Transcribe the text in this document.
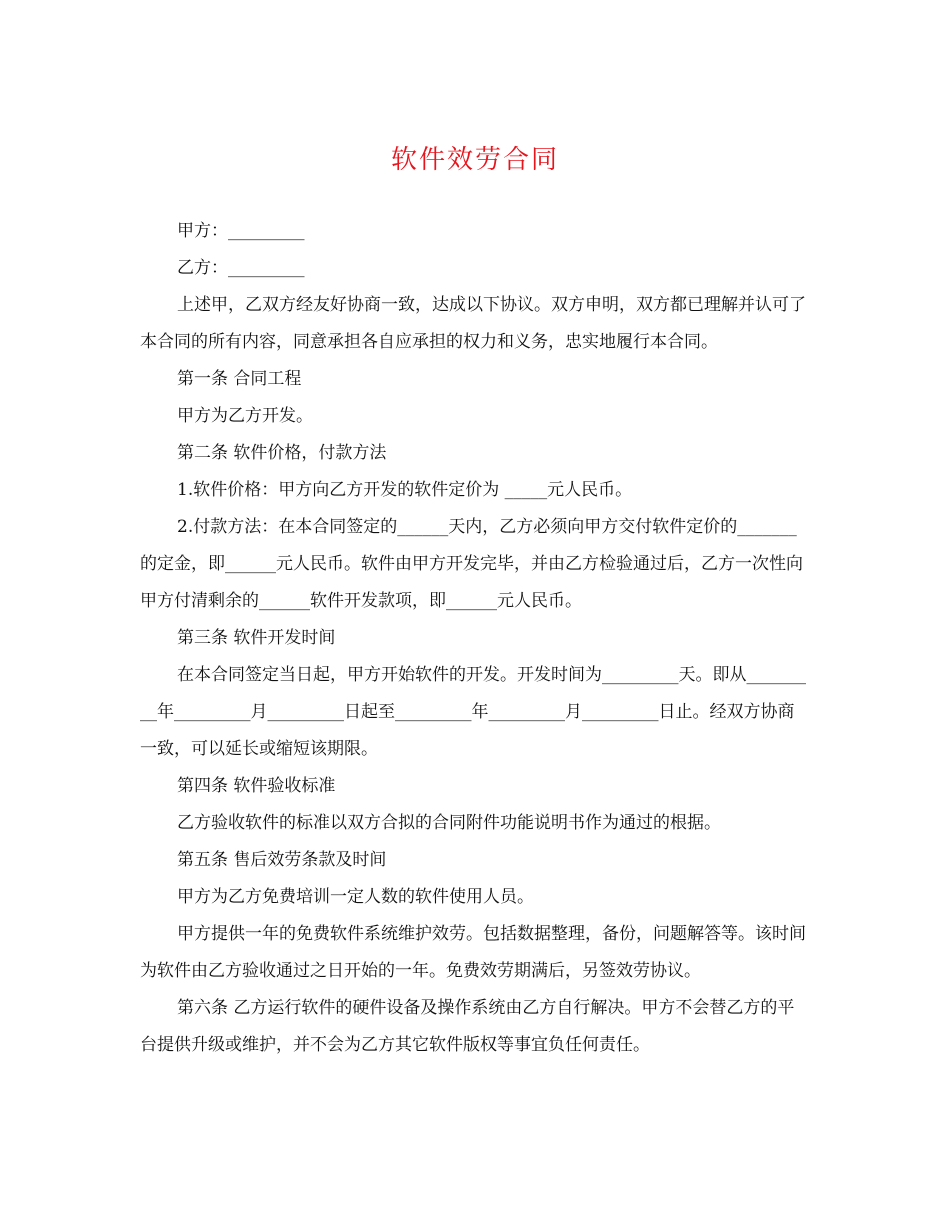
软件效劳合同

甲方：_________

乙方：_________

上述甲，乙双方经友好协商一致，达成以下协议。双方申明，双方都已理解并认可了本合同的所有内容，同意承担各自应承担的权力和义务，忠实地履行本合同。

第一条 合同工程

甲方为乙方开发。

第二条 软件价格，付款方法

1.软件价格：甲方向乙方开发的软件定价为 _____元人民币。

2.付款方法：在本合同签定的______天内，乙方必须向甲方交付软件定价的_______的定金，即______元人民币。软件由甲方开发完毕，并由乙方检验通过后，乙方一次性向甲方付清剩余的______软件开发款项，即______元人民币。

第三条 软件开发时间

在本合同签定当日起，甲方开始软件的开发。开发时间为_________天。即从_________年_________月_________日起至_________年_________月_________日止。经双方协商一致，可以延长或缩短该期限。

第四条 软件验收标准

乙方验收软件的标准以双方合拟的合同附件功能说明书作为通过的根据。

第五条 售后效劳条款及时间

甲方为乙方免费培训一定人数的软件使用人员。

甲方提供一年的免费软件系统维护效劳。包括数据整理，备份，问题解答等。该时间为软件由乙方验收通过之日开始的一年。免费效劳期满后，另签效劳协议。

第六条 乙方运行软件的硬件设备及操作系统由乙方自行解决。甲方不会替乙方的平台提供升级或维护，并不会为乙方其它软件版权等事宜负任何责任。
